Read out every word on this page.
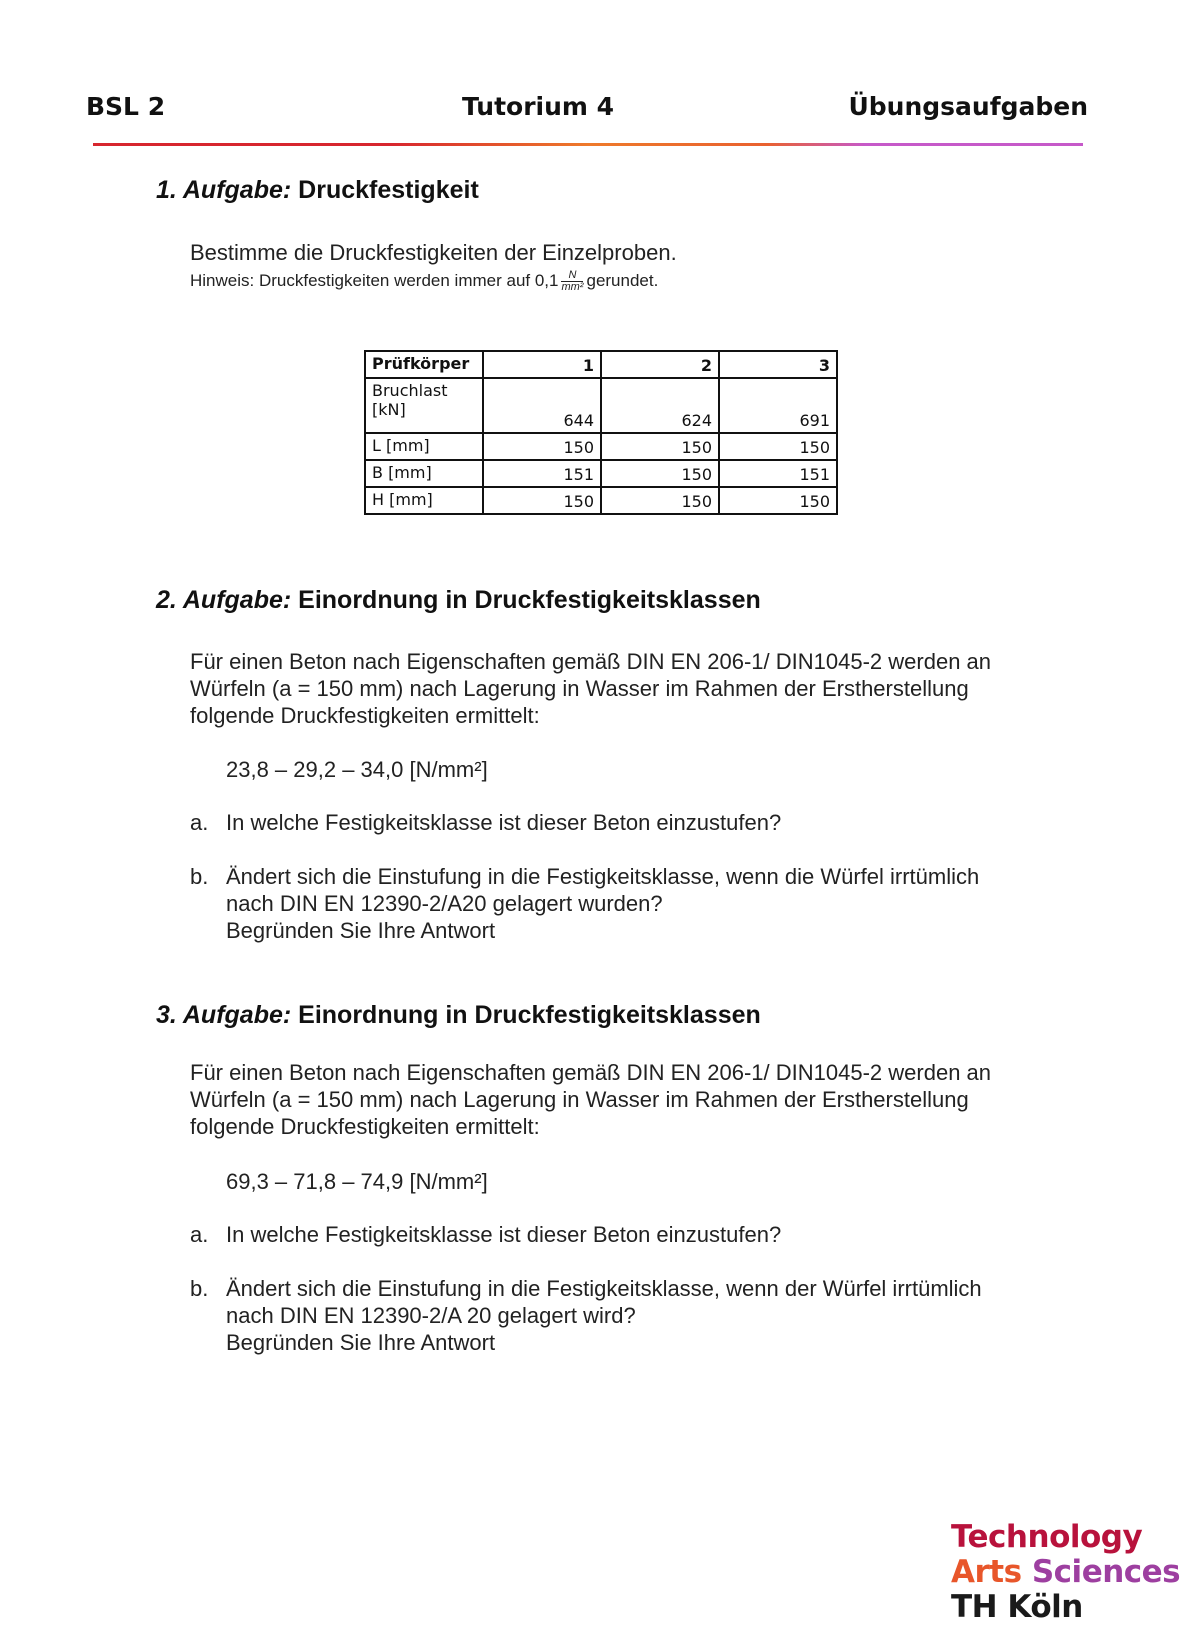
BSL 2	Tutorium 4	Übungsaufgaben
1. Aufgabe: Druckfestigkeit
Bestimme die Druckfestigkeiten der Einzelproben.
Hinweis: Druckfestigkeiten werden immer auf $0,1 \frac{N}{\text{mm²}}$ gerundet.
Prüfkörper	1	2	3

Bruchlast
[kN]	644	624	691
L [mm]	150	150	150
B [mm]	151	150	151
H [mm]	150	150	150
2. Aufgabe: Einordnung in Druckfestigkeitsklassen
Für einen Beton nach Eigenschaften gemäß DIN EN 206-1/ DIN1045-2 werden an
Würfeln (a = 150 mm) nach Lagerung in Wasser im Rahmen der Erstherstellung
folgende Druckfestigkeiten ermittelt:
23,8 – 29,2 – 34,0 [N/mm²]
a. In welche Festigkeitsklasse ist dieser Beton einzustufen?
b. Ändert sich die Einstufung in die Festigkeitsklasse, wenn die Würfel irrtümlich
nach DIN EN 12390-2/A20 gelagert wurden?
Begründen Sie Ihre Antwort
3. Aufgabe: Einordnung in Druckfestigkeitsklassen
Für einen Beton nach Eigenschaften gemäß DIN EN 206-1/ DIN1045-2 werden an
Würfeln (a = 150 mm) nach Lagerung in Wasser im Rahmen der Erstherstellung
folgende Druckfestigkeiten ermittelt:
69,3 – 71,8 – 74,9 [N/mm²]
a. In welche Festigkeitsklasse ist dieser Beton einzustufen?
b. Ändert sich die Einstufung in die Festigkeitsklasse, wenn der Würfel irrtümlich
nach DIN EN 12390-2/A 20 gelagert wird?
Begründen Sie Ihre Antwort
Technology
Arts Sciences
TH Köln
